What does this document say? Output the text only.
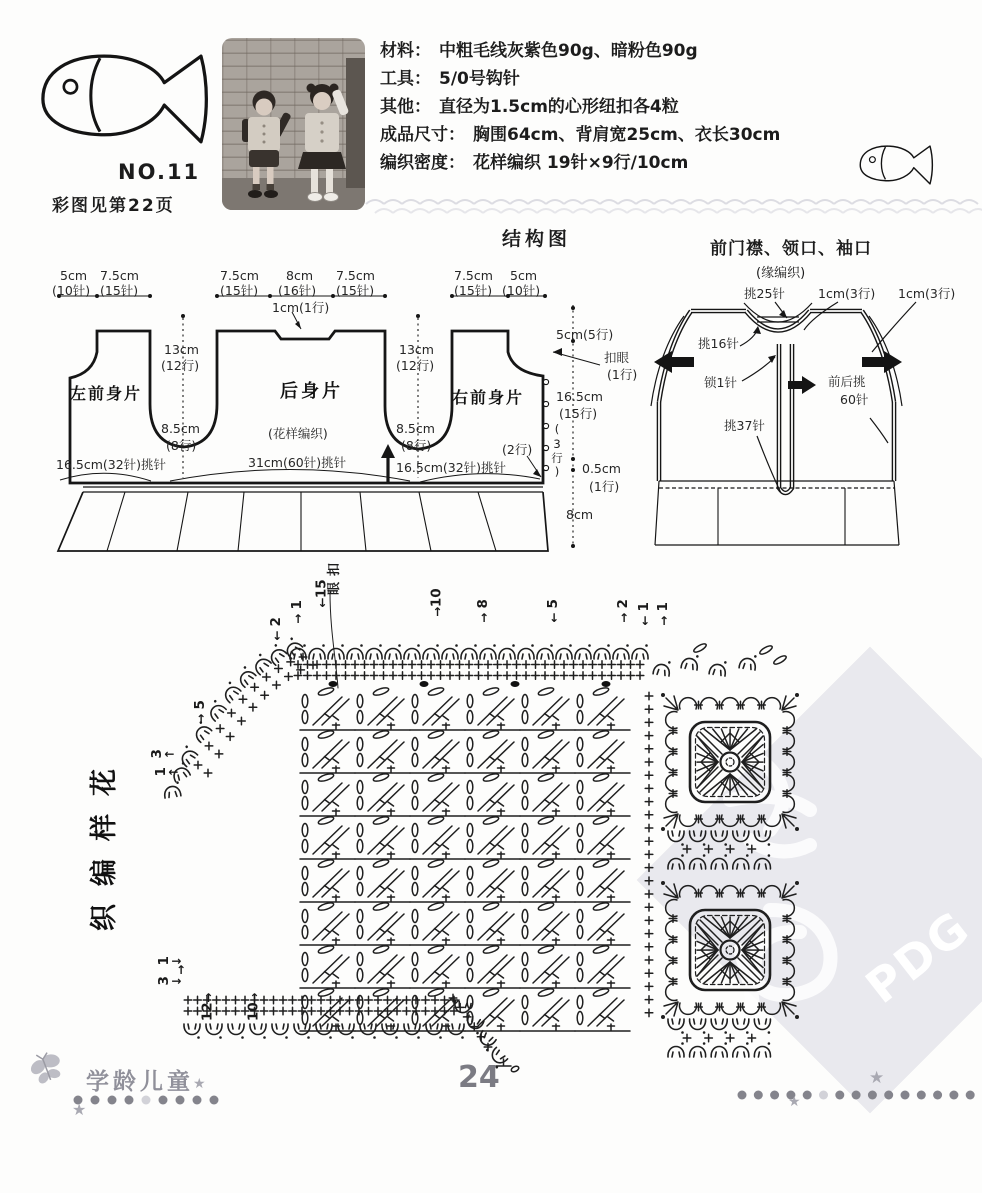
PDG
NO.11
彩图见第22页
材料： 中粗毛线灰紫色90g、暗粉色90g
工具： 5/0号钩针
其他： 直径为1.5cm的心形纽扣各4粒
成品尺寸： 胸围64cm、背肩宽25cm、衣长30cm
编织密度： 花样编织 19针×9行/10cm
结构图	前门襟、领口、袖口
(缘编织)
5cm
(10针)
7.5cm
(15针)
7.5cm
(15针)
8cm
(16针)
7.5cm
(15针)
1cm(1行)
7.5cm
(15针)
5cm
(10针)
13cm
(12行)
13cm
(12行)
左前身片	后身片
(花样编织)
右前身片
8.5cm
(8行)
8.5cm
(8行)	(2行)
16.5cm(32针)挑针	31cm(60针)挑针	16.5cm(32针)挑针
5cm(5行)
扣眼
(1行)
16.5cm
(15行)
0.5cm
(1行)
8cm
(3行)
挑25针	1cm(3行) 1cm(3行)
挑16针
锁1针	前后挑
60针
挑37针
花
样
编
织
扣
眼
2
↓
1
↑
15
↓	10
↑
8
↑
5
↓
2
↑
1
↓
1
↑
5
↑
3 ←
1 ←
1 →
↑
3 →
↑
12
↑
10
学龄儿童	24
★
★
★
★
